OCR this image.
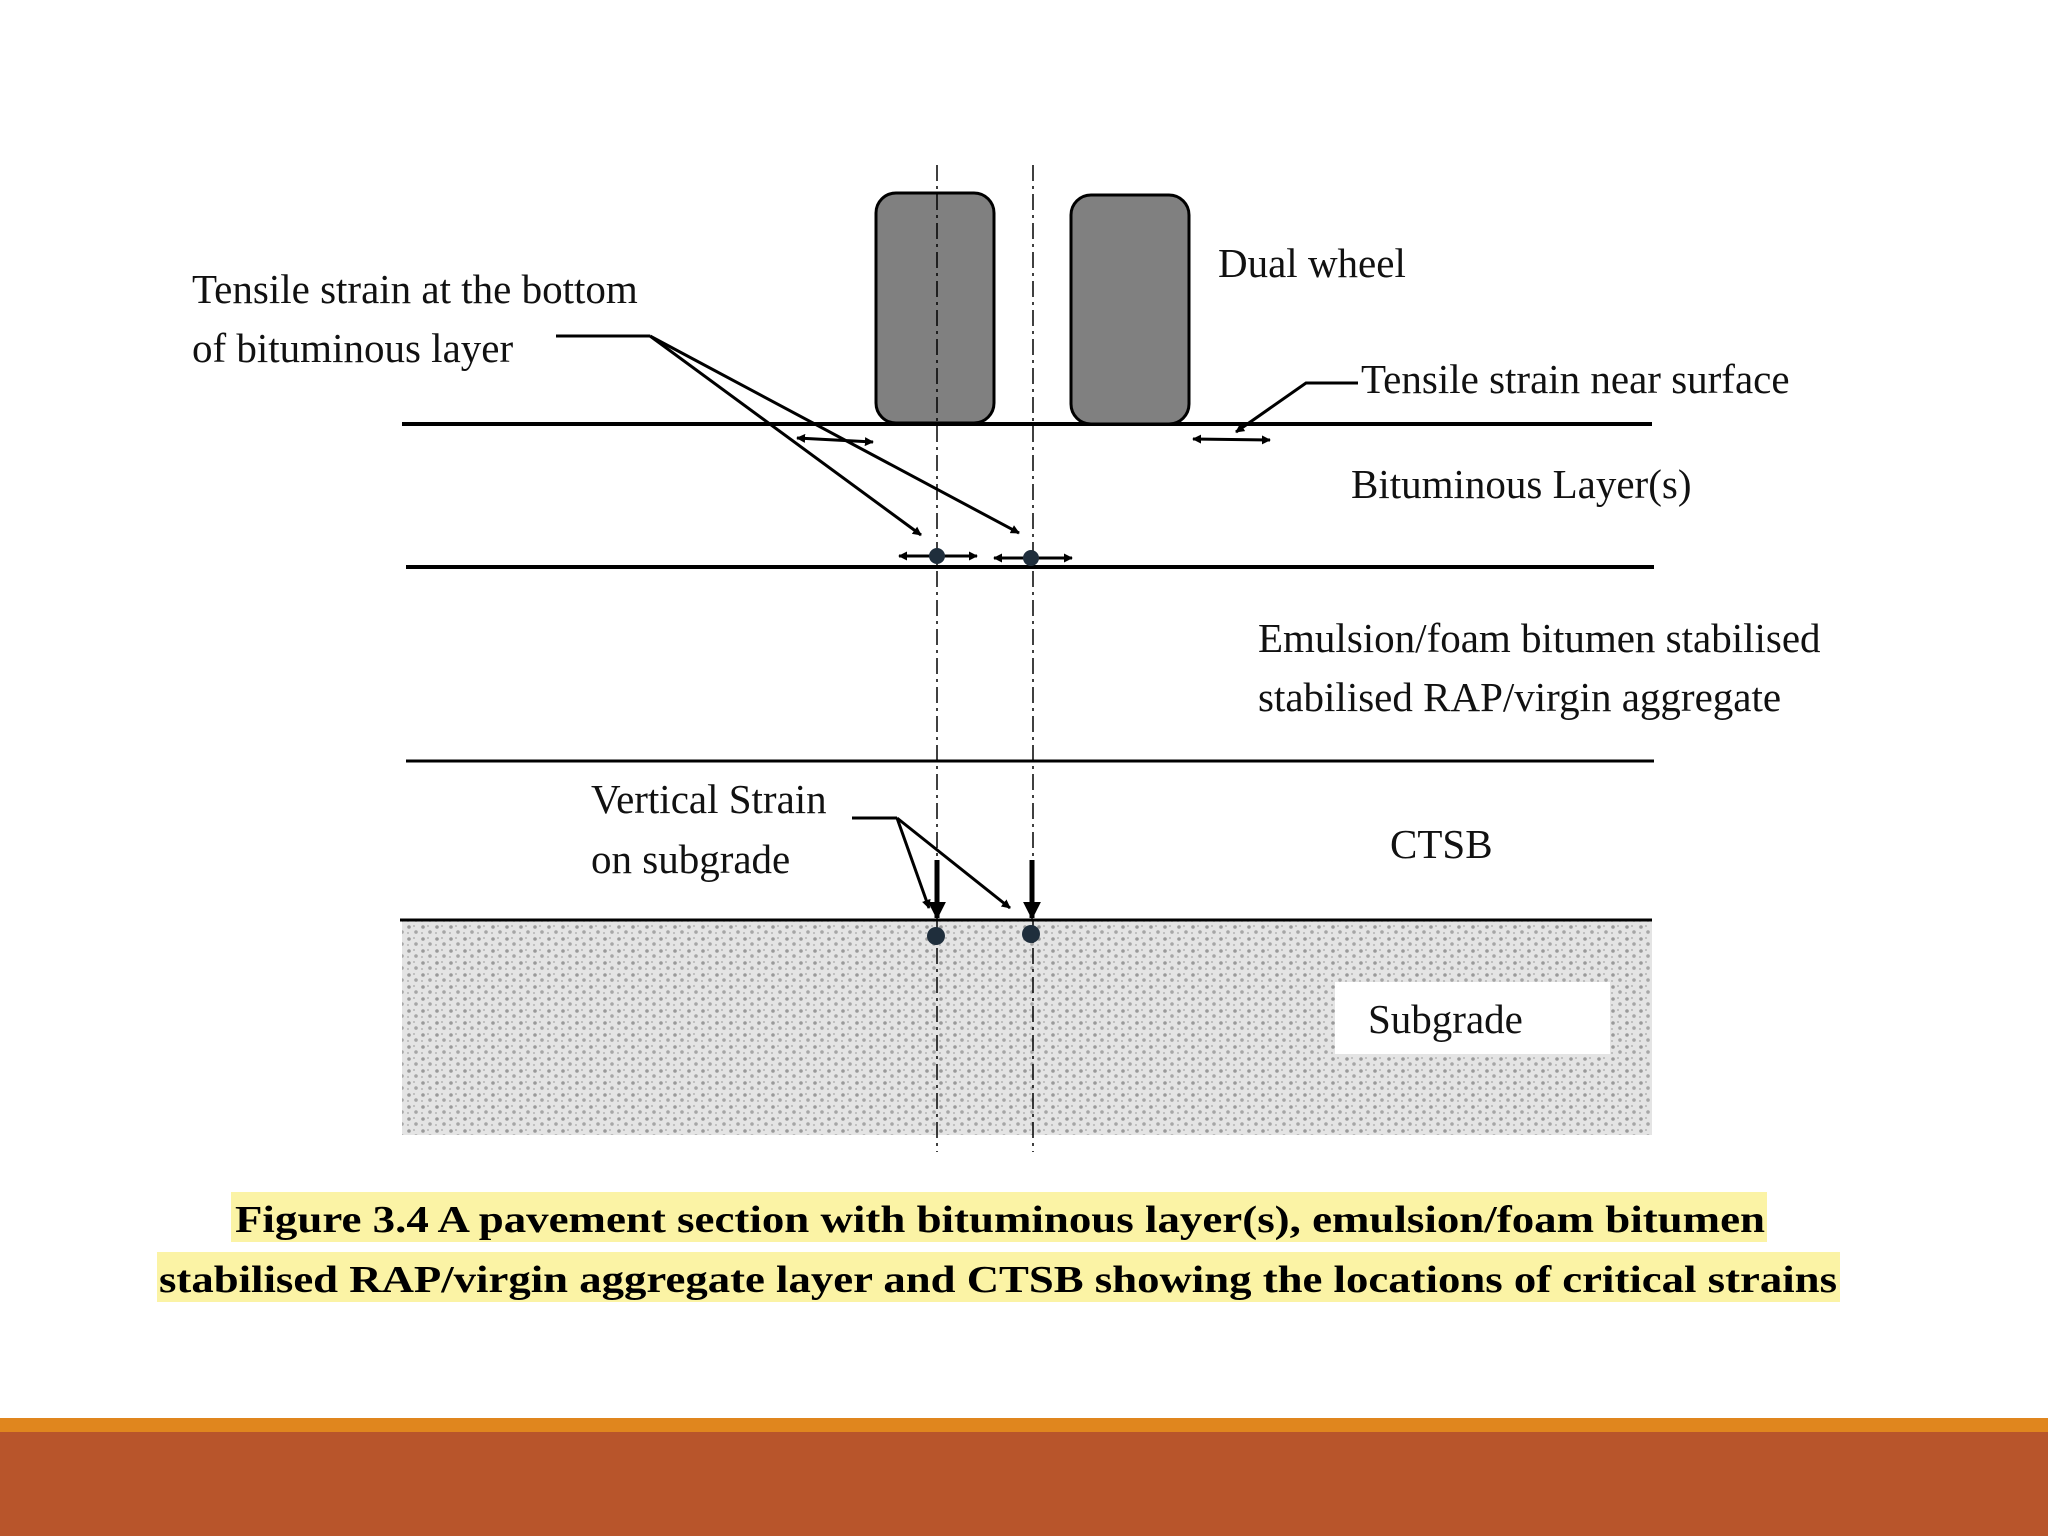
Dual wheel
Tensile strain at the bottom
of bituminous layer
Tensile strain near surface
Bituminous Layer(s)
Emulsion/foam bitumen stabilised
stabilised RAP/virgin aggregate
Vertical Strain
on subgrade	CTSB
Subgrade
Figure 3.4 A pavement section with bituminous layer(s), emulsion/foam bitumen
stabilised RAP/virgin aggregate layer and CTSB showing the locations of critical strains
